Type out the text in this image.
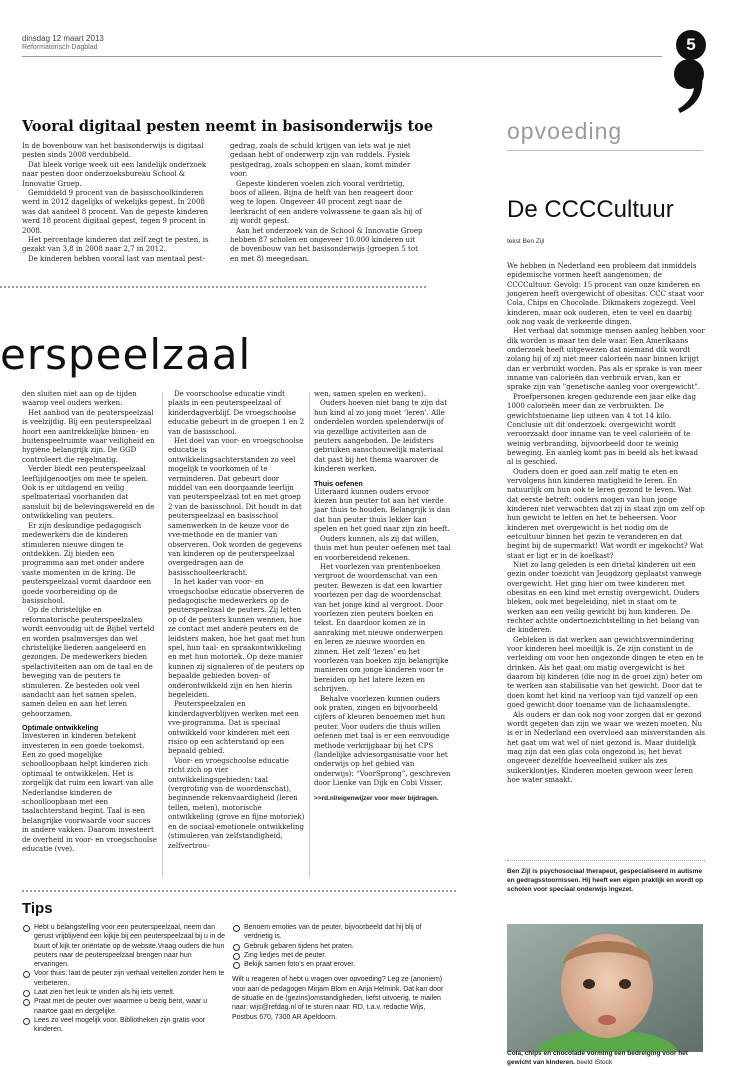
dinsdag 12 maart 2013
Reformatorisch Dagblad	5
Vooral digitaal pesten neemt in basisonderwijs toe

In de bovenbouw van het basisonderwijs is digitaal pesten sinds 2008 verdubbeld.

Dat bleek vorige week uit een landelijk onderzoek naar pesten door onderzoeksbureau School & Innovatie Groep.

Gemiddeld 9 procent van de basisschoolkinderen werd in 2012 dagelijks of wekelijks gepest. In 2008 was dat aandeel 8 procent. Van de gepeste kinderen werd 18 procent digitaal gepest, tegen 9 procent in 2008.

Het percentage kinderen dat zelf zegt te pesten, is gezakt van 3,8 in 2008 naar 2,7 in 2012.

De kinderen hebben vooral last van mentaal pest-

gedrag, zoals de schuld krijgen van iets wat je niet gedaan hebt of onderwerp zijn van roddels. Fysiek pestgedrag, zoals schoppen en slaan, komt minder voor.

Gepeste kinderen voelen zich vooral verdrietig, boos of alleen. Bijna de helft van hen reageert door weg te lopen. Ongeveer 40 procent zegt naar de leerkracht of een andere volwassene te gaan als hij of zij wordt gepest.

Aan het onderzoek van de School & Innovatie Groep hebben 87 scholen en ongeveer 10.000 kinderen uit de bovenbouw van het basisonderwijs (groepen 5 tot en met 8) meegedaan.

erspeelzaal

den sluiten niet aan op de tijden waarop veel ouders werken.

Het aanbod van de peuterspeelzaal is veelzijdig. Bij een peuterspeelzaal hoort een aantrekkelijke binnen- en buitenspeelruimte waar veiligheid en hygiëne belangrijk zijn. De GGD controleert die regelmatig.

Verder biedt een peuterspeelzaal leeftijdgenootjes om mee te spelen. Ook is er uitdagend en veilig spelmateriaal voorhanden dat aansluit bij de belevingswereld en de ontwikkeling van peuters.

Er zijn deskundige pedagogisch medewerkers die de kinderen stimuleren nieuwe dingen te ontdekken. Zij bieden een programma aan met onder andere vaste momenten in de kring. De peuterspeelzaal vormt daardoor een goede voorbereiding op de basisschool.

Op de christelijke en reformatorische peuterspeelzalen wordt eenvoudig uit de Bijbel verteld en worden psalmversjes dan wel christelijke liederen aangeleerd en gezongen. De medewerkers bieden spelactiviteiten aan om de taal en de beweging van de peuters te stimuleren. Ze besteden ook veel aandacht aan het samen spelen, samen delen en aan het leren gehoorzamen.

Optimale ontwikkeling

Investeren in kinderen betekent investeren in een goede toekomst. Een zo goed mogelijke schoolloopbaan helpt kinderen zich optimaal te ontwikkelen. Het is zorgelijk dat ruim een kwart van alle Nederlandse kinderen de schoolloopbaan met een taalachterstand begint. Taal is een belangrijke voorwaarde voor succes in andere vakken. Daarom investeert de overheid in voor- en vroegschoolse educatie (vve).

De voorschoolse educatie vindt plaats in een peuterspeelzaal of kinderdagverblijf. De vroegschoolse educatie gebeurt in de groepen 1 en 2 van de basisschool.

Het doel van voor- en vroegschoolse educatie is ontwikkelingsachterstanden zo veel mogelijk te voorkomen of te verminderen. Dat gebeurt door middel van een doorgaande leerlijn van peuterspeelzaal tot en met groep 2 van de basisschool. Dit houdt in dat peuterspeelzaal en basisschool samenwerken in de keuze voor de vve-methode en de manier van observeren. Ook worden de gegevens van kinderen op de peuterspeelzaal overgedragen aan de basisschoolleerkracht.

In het kader van voor- en vroegschoolse educatie observeren de pedagogische medewerkers op de peuterspeelzaal de peuters. Zij letten op of de peuters kunnen wennen, hoe ze contact met andere peuters en de leidsters maken, hoe het gaat met hun spel, hun taal- en spraakontwikkeling en met hun motoriek. Op deze manier kunnen zij signaleren of de peuters op bepaalde gebieden boven- of onderontwikkeld zijn en hen hierin begeleiden.

Peuterspeelzalen en kinderdagverblijven werken met een vve-programma. Dat is speciaal ontwikkeld voor kinderen met een risico op een achterstand op een bepaald gebied.

Voor- en vroegschoolse educatie richt zich op vier ontwikkelingsgebieden: taal (vergroting van de woordenschat), beginnende rekenvaardigheid (leren tellen, meten), motorische ontwikkeling (grove en fijne motoriek) en de sociaal-emotionele ontwikkeling (stimuleren van zelfstandigheid, zelfvertrou-

wen, samen spelen en werken).

Ouders hoeven niet bang te zijn dat hun kind al zo jong moet ‘leren’. Alle onderdelen worden spelenderwijs of via gezellige activiteiten aan de peuters aangeboden. De leidsters gebruiken aanschouwelijk materiaal dat past bij het thema waarover de kinderen werken.

Thuis oefenen

Uiteraard kunnen ouders ervoor kiezen hun peuter tot aan het vierde jaar thuis te houden. Belangrijk is dan dat hun peuter thuis lekker kan spelen en het goed naar zijn zin heeft.

Ouders kunnen, als zij dat willen, thuis met hun peuter oefenen met taal en voorbereidend rekenen.

Het voorlezen van prentenboeken vergroot de woordenschat van een peuter. Bewezen is dat een kwartier voorlezen per dag de woordenschat van het jonge kind al vergroot. Door voorlezen zien peuters boeken en tekst. En daardoor komen ze in aanraking met nieuwe onderwerpen en leren ze nieuwe woorden en zinnen. Het zelf ‘lezen’ en het voorlezen van boeken zijn belangrijke manieren om jonge kinderen voor te bereiden op het latere lezen en schrijven.

Behalve voorlezen kunnen ouders ook praten, zingen en bijvoorbeeld cijfers of kleuren benoemen met hun peuter. Voor ouders die thuis willen oefenen met taal is er een eenvoudige methode verkrijgbaar bij het CPS (landelijke adviesorganisatie voor het onderwijs op het gebied van onderwijs): “VoorSprong”, geschreven door Lienke van Dijk en Cobi Visser.

>>rd.nl/eigenwijzer voor meer bijdragen.

opvoeding
De CCCCultuur
tekst Ben Zijl

We hebben in Nederland een probleem dat inmiddels epidemische vormen heeft aangenomen; de CCCCultuur. Gevolg: 15 procent van onze kinderen en jongeren heeft overgewicht of obesitas. CCC staat voor Cola, Chips en Chocolade. Dikmakers zogezegd. Veel kinderen, maar ook ouderen, eten te veel en daarbij ook nog vaak de verkeerde dingen.

Het verhaal dat sommige mensen aanleg hebben voor dik worden is maar ten dele waar. Een Amerikaans onderzoek heeft uitgewezen dat niemand dik wordt zolang hij of zij niet meer calorieën naar binnen krijgt dan er verbruikt worden. Pas als er sprake is van meer inname van calorieën dan verbruik ervan, kan er sprake zijn van "genetische aanleg voor overgewicht".

Proefpersonen kregen gedurende een jaar elke dag 1000 calorieën meer dan ze verbruikten. De gewichtstoename liep uiteen van 4 tot 14 kilo. Conclusie uit dit onderzoek: overgewicht wordt veroorzaakt door inname van te veel calorieën of te weinig verbranding, bijvoorbeeld door te weinig beweging. En aanleg komt pas in beeld als het kwaad al is geschied.

Ouders doen er goed aan zelf matig te eten en vervolgens hun kinderen matigheid te leren. En natuurlijk om hun ook te leren gezond te leven. Wat dat eerste betreft: ouders mogen van hun jonge kinderen niet verwachten dat zij in staat zijn om zelf op hun gewicht te letten en het te beheersen. Voor kinderen met overgewicht is het nodig om de eetcultuur binnen het gezin te veranderen en dat begint bij de supermarkt! Wat wordt er ingekocht? Wat staat er ligt er in de koelkast?

Niet zo lang geleden is een drietal kinderen uit een gezin onder toezicht van Jeugdzorg geplaatst vanwege overgewicht. Het ging hier om twee kinderen met obesitas en een kind met ernstig overgewicht. Ouders bleken, ook met begeleiding, niet in staat om te werken aan een veilig gewicht bij hun kinderen. De rechter achtte ondertoezichtstelling in het belang van de kinderen.

Gebleken is dat werken aan gewichtsvermindering voor kinderen heel moeilijk is. Ze zijn constant in de verleiding om voor hen ongezonde dingen te eten en te drinken. Als het gaat om matig overgewicht is het daarom bij kinderen (die nog in de groei zijn) beter om te werken aan stabilisatie van het gewicht. Door dat te doen komt het kind na verloop van tijd vanzelf op een goed gewicht door toename van de lichaamslengte.

Als ouders er dan ook nog voor zorgen dat er gezond wordt gegeten dan zijn we waar we wezen moeten. Nu is er in Nederland een overvloed aan misverstanden als het gaat om wat wel of niet gezond is. Maar duidelijk mag zijn dat een glas cola ongezond is; het bevat ongeveer dezelfde hoeveelheid suiker als zes suikerklontjes. Kinderen moeten gewoon weer leren hoe water smaakt.

Ben Zijl is psychosociaal therapeut, gespecialiseerd in autisme en gedragsstoornissen. Hij heeft een eigen praktijk en wordt op scholen voor speciaal onderwijs ingezet.
Cola, chips en chocolade vorming een bedreiging voor het gewicht van kinderen. beeld iStock
Tips
Hebt u belangstelling voor een peuterspeelzaal, neem dan gerust vrijblijvend een kijkje bij een peuterspeelzaal bij u in de buurt of kijk ter oriëntatie op de website.Vraag ouders die hun peuters naar de peuterspeelzaal brengen naar hun ervaringen.
Voor thuis: laat de peuter zijn verhaal vertellen zonder hem te verbeteren.
Laat zien het leuk te vinden als hij iets vertelt.
Praat met de peuter over waarmee u bezig bent, waar u naartoe gaat en dergelijke.
Lees zo veel mogelijk voor. Bibliotheken zijn gratis voor kinderen.
Benoem emoties van de peuter, bijvoorbeeld dat hij blij of verdrietig is.
Gebruik gebaren tijdens het praten.
Zing liedjes met de peuter.
Bekijk samen foto’s en praat erover.
Wilt u reageren of hebt u vragen over opvoeding? Leg ze (anoniem) voor aan de pedagogen Mirjam Blom en Anja Helmink. Dat kan door de situatie en de (gezins)omstandigheden, liefst uitvoerig, te mailen naar: wijs@refdag.nl of te sturen naar: RD, t.a.v. redactie Wijs, Postbus 670, 7300 AR Apeldoorn.
